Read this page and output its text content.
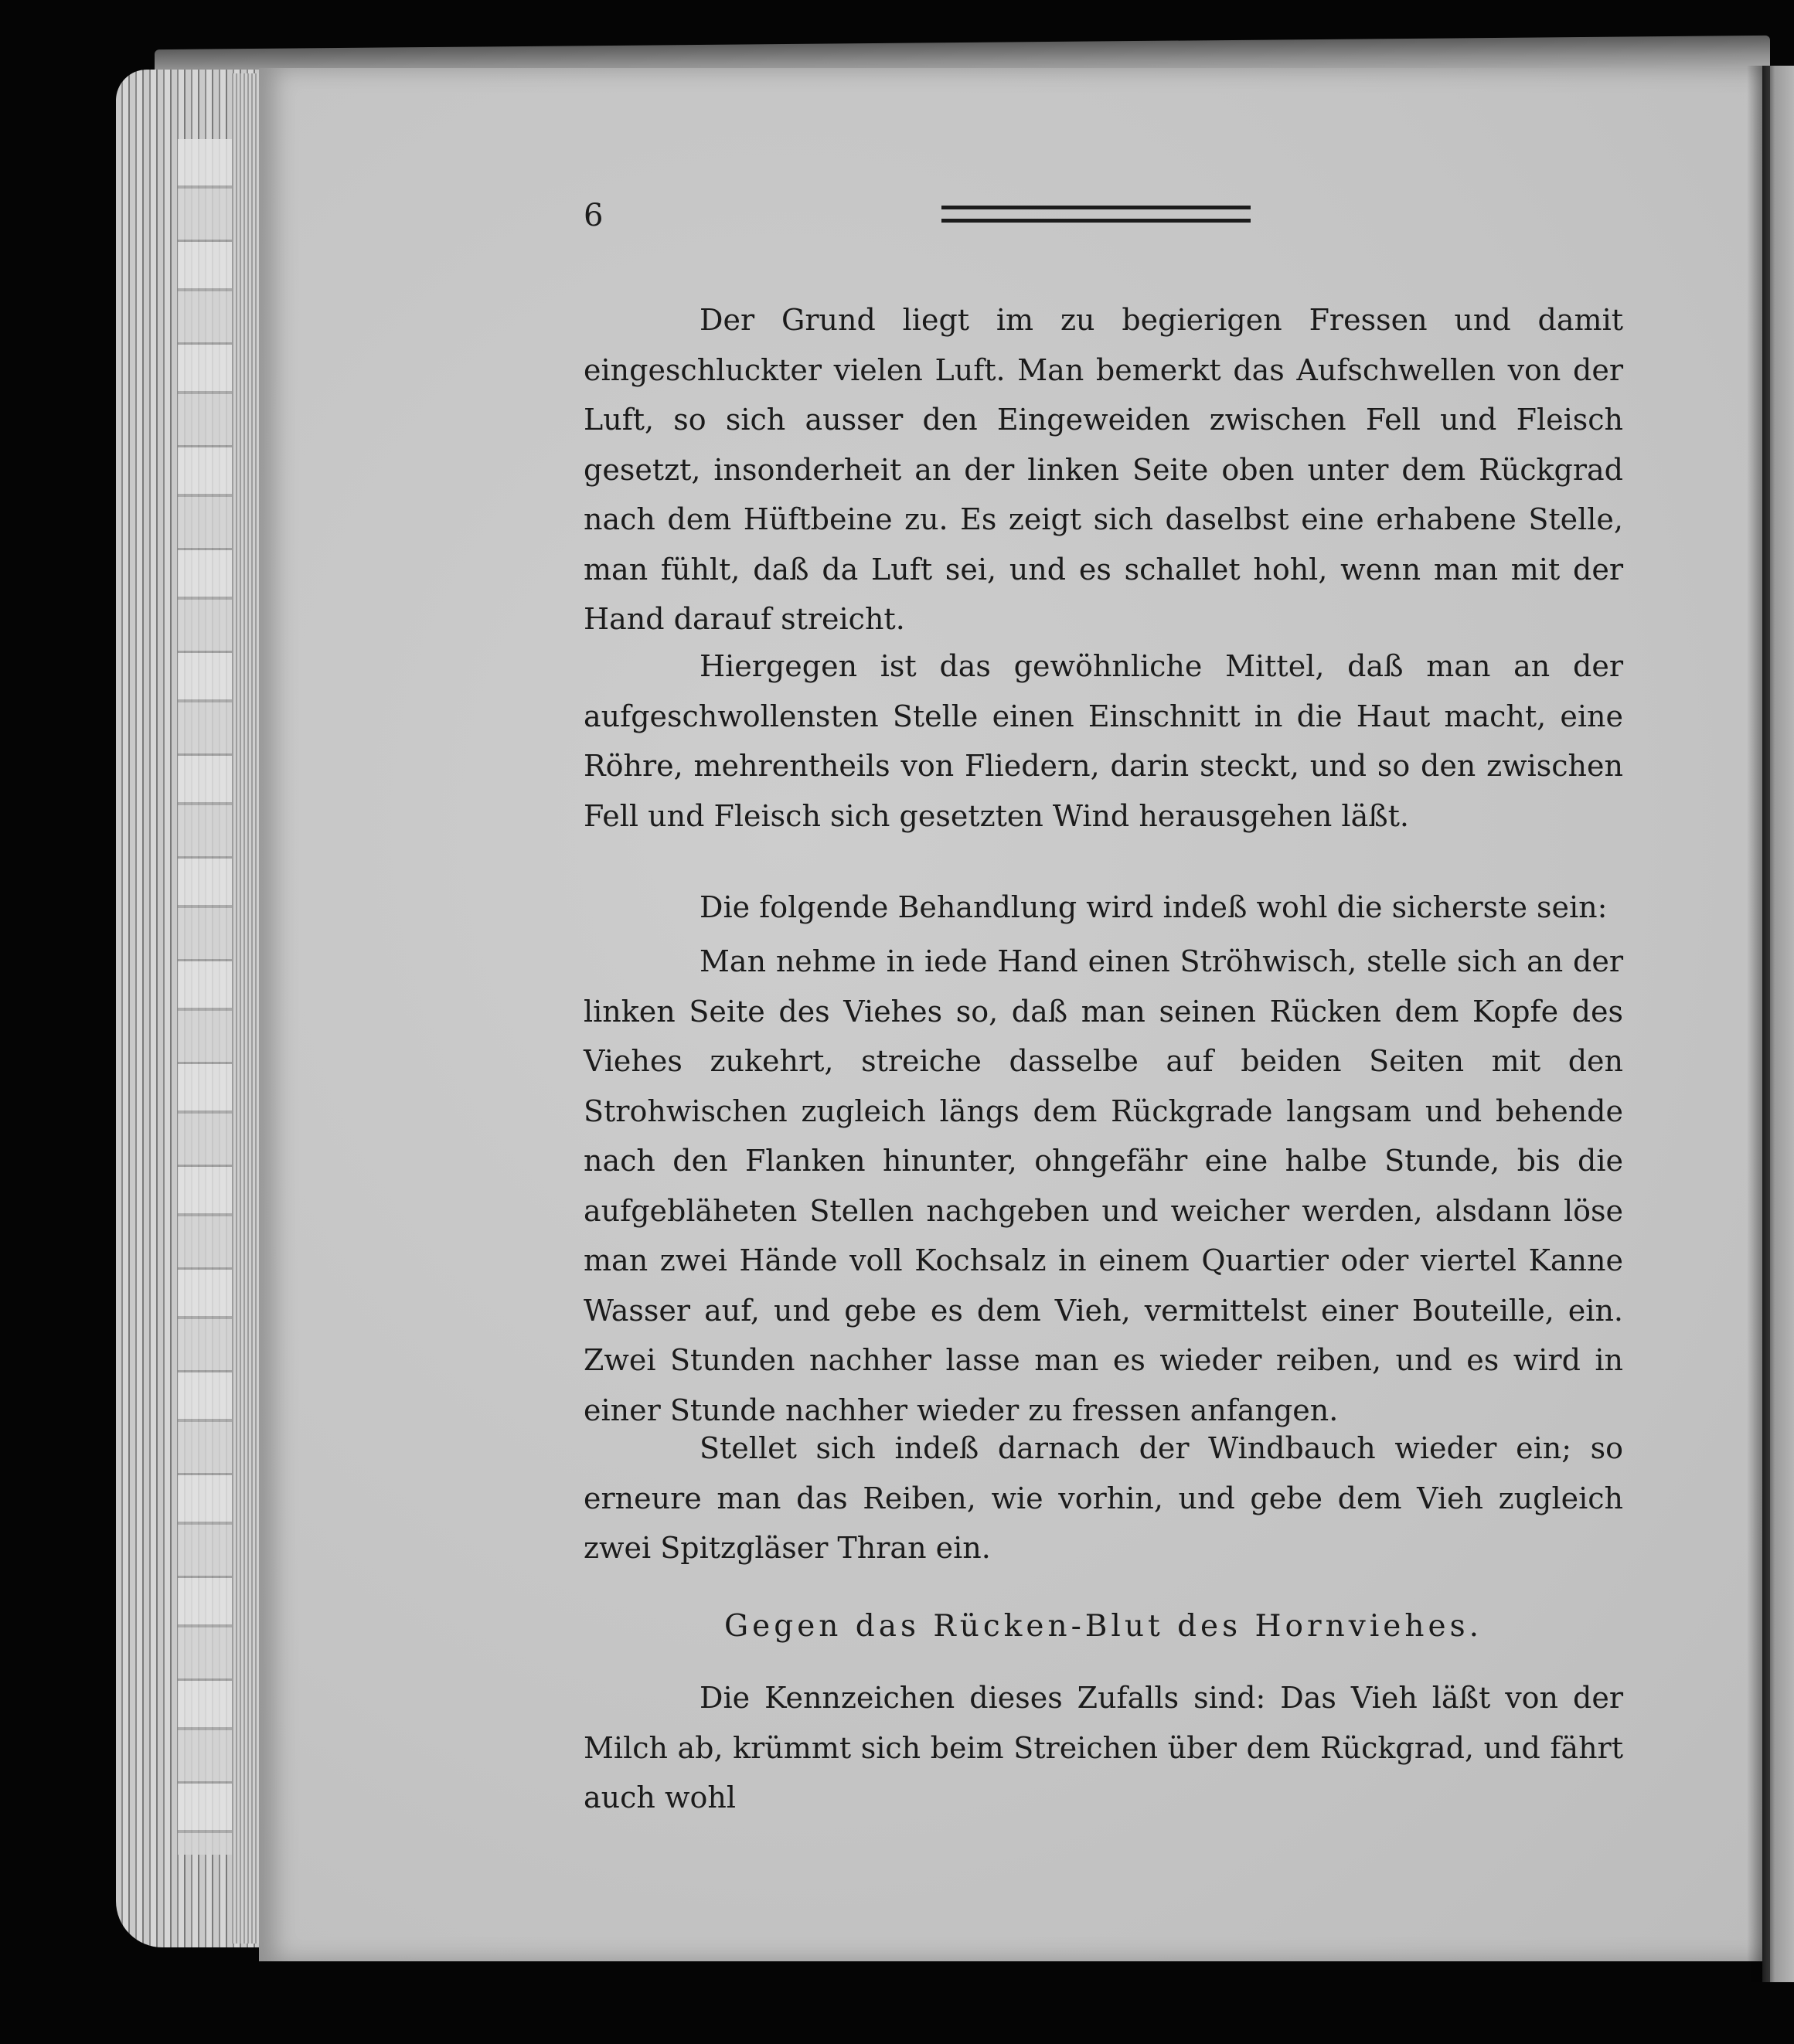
6

Der Grund liegt im zu begierigen Fressen und damit eingeschluckter vielen Luft. Man bemerkt das Aufschwellen von der Luft, so sich ausser den Eingeweiden zwischen Fell und Fleisch gesetzt, insonderheit an der linken Seite oben unter dem Rückgrad nach dem Hüftbeine zu. Es zeigt sich daselbst eine erhabene Stelle, man fühlt, daß da Luft sei, und es schallet hohl, wenn man mit der Hand darauf streicht.

Hiergegen ist das gewöhnliche Mittel, daß man an der aufgeschwollensten Stelle einen Einschnitt in die Haut macht, eine Röhre, mehrentheils von Fliedern, darin steckt, und so den zwischen Fell und Fleisch sich gesetzten Wind herausgehen läßt.

Die folgende Behandlung wird indeß wohl die sicherste sein:

Man nehme in iede Hand einen Ströhwisch, stelle sich an der linken Seite des Viehes so, daß man seinen Rücken dem Kopfe des Viehes zukehrt, streiche dasselbe auf beiden Seiten mit den Strohwischen zugleich längs dem Rückgrade langsam und behende nach den Flanken hinunter, ohngefähr eine halbe Stunde, bis die aufgebläheten Stellen nachgeben und weicher werden, alsdann löse man zwei Hände voll Kochsalz in einem Quartier oder viertel Kanne Wasser auf, und gebe es dem Vieh, vermittelst einer Bouteille, ein. Zwei Stunden nachher lasse man es wieder reiben, und es wird in einer Stunde nachher wieder zu fressen anfangen.

Stellet sich indeß darnach der Windbauch wieder ein; so erneure man das Reiben, wie vorhin, und gebe dem Vieh zugleich zwei Spitzgläser Thran ein.

Gegen das Rücken-Blut des Hornviehes.

Die Kennzeichen dieses Zufalls sind: Das Vieh läßt von der Milch ab, krümmt sich beim Streichen über dem Rückgrad, und fährt auch wohl
